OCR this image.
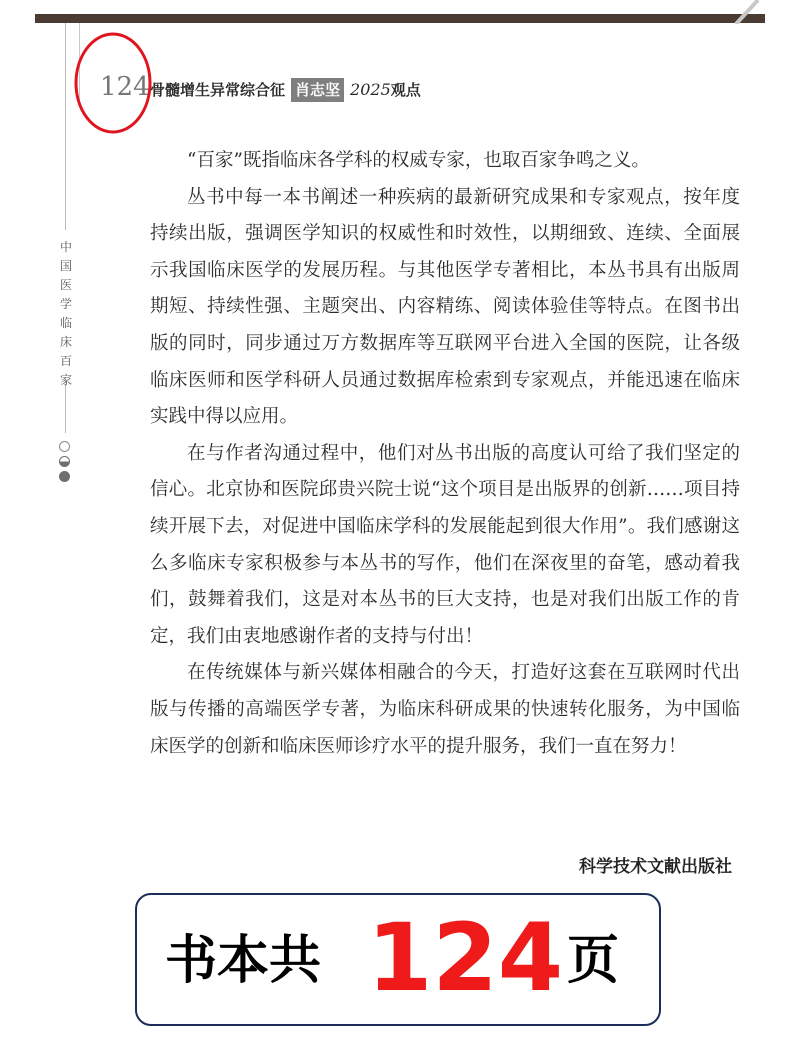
124 骨髓增生异常综合征 肖志坚 2025观点
中国医学临床百家

“百家”既指临床各学科的权威专家，也取百家争鸣之义。

丛书中每一本书阐述一种疾病的最新研究成果和专家观点，按年度持续出版，强调医学知识的权威性和时效性，以期细致、连续、全面展示我国临床医学的发展历程。与其他医学专著相比，本丛书具有出版周期短、持续性强、主题突出、内容精练、阅读体验佳等特点。在图书出版的同时，同步通过万方数据库等互联网平台进入全国的医院，让各级临床医师和医学科研人员通过数据库检索到专家观点，并能迅速在临床实践中得以应用。

在与作者沟通过程中，他们对丛书出版的高度认可给了我们坚定的信心。北京协和医院邱贵兴院士说“这个项目是出版界的创新……项目持续开展下去，对促进中国临床学科的发展能起到很大作用”。我们感谢这么多临床专家积极参与本丛书的写作，他们在深夜里的奋笔，感动着我们，鼓舞着我们，这是对本丛书的巨大支持，也是对我们出版工作的肯定，我们由衷地感谢作者的支持与付出！

在传统媒体与新兴媒体相融合的今天，打造好这套在互联网时代出版与传播的高端医学专著，为临床科研成果的快速转化服务，为中国临床医学的创新和临床医师诊疗水平的提升服务，我们一直在努力！

科学技术文献出版社
书本共 124 页
